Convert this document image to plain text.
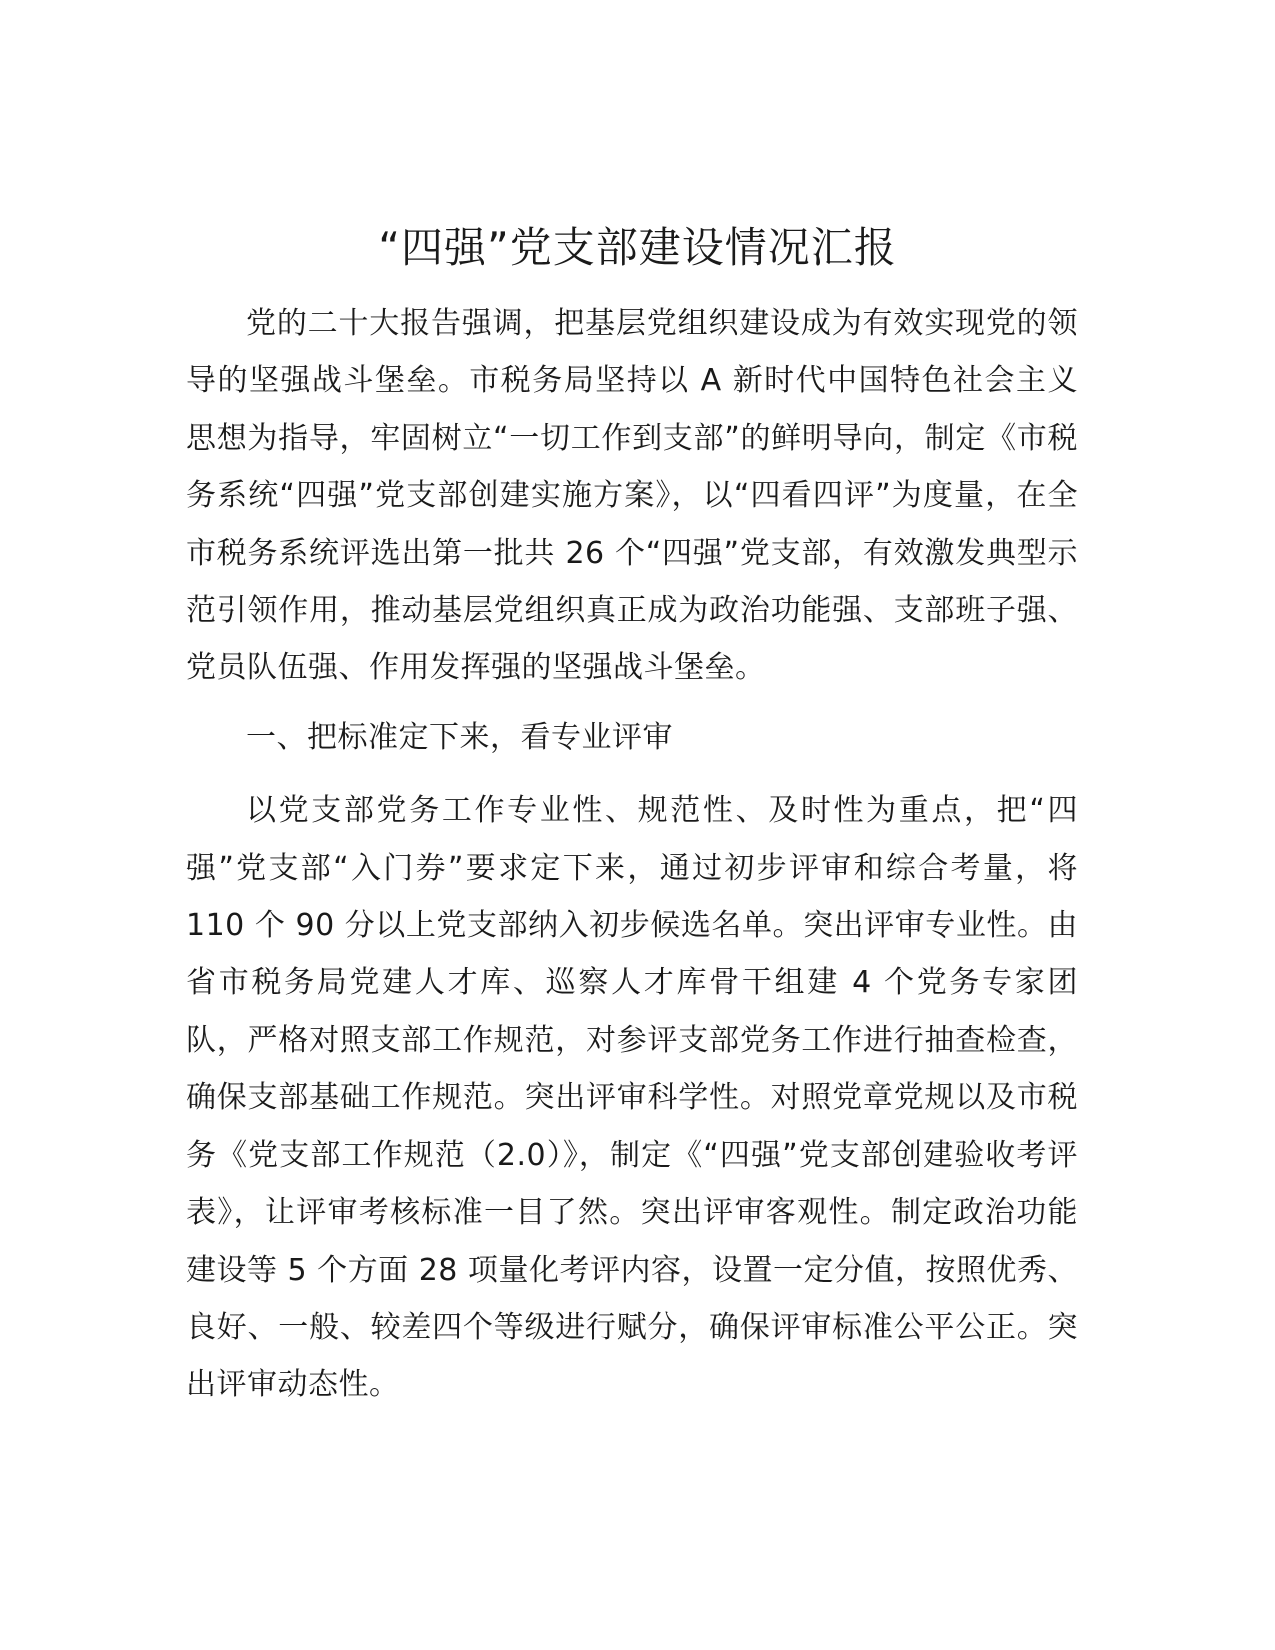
“四强”党支部建设情况汇报

党的二十大报告强调，把基层党组织建设成为有效实现党的领导的坚强战斗堡垒。市税务局坚持以 A 新时代中国特色社会主义思想为指导，牢固树立“一切工作到支部”的鲜明导向，制定《市税务系统“四强”党支部创建实施方案》，以“四看四评”为度量，在全市税务系统评选出第一批共 26 个“四强”党支部，有效激发典型示范引领作用，推动基层党组织真正成为政治功能强、支部班子强、党员队伍强、作用发挥强的坚强战斗堡垒。

一、把标准定下来，看专业评审

以党支部党务工作专业性、规范性、及时性为重点，把“四强”党支部“入门券”要求定下来，通过初步评审和综合考量，将 110 个 90 分以上党支部纳入初步候选名单。突出评审专业性。由省市税务局党建人才库、巡察人才库骨干组建 4 个党务专家团队，严格对照支部工作规范，对参评支部党务工作进行抽查检查，确保支部基础工作规范。突出评审科学性。对照党章党规以及市税务《党支部工作规范（2.0）》，制定《“四强”党支部创建验收考评表》，让评审考核标准一目了然。突出评审客观性。制定政治功能建设等 5 个方面 28 项量化考评内容，设置一定分值，按照优秀、良好、一般、较差四个等级进行赋分，确保评审标准公平公正。突出评审动态性。
